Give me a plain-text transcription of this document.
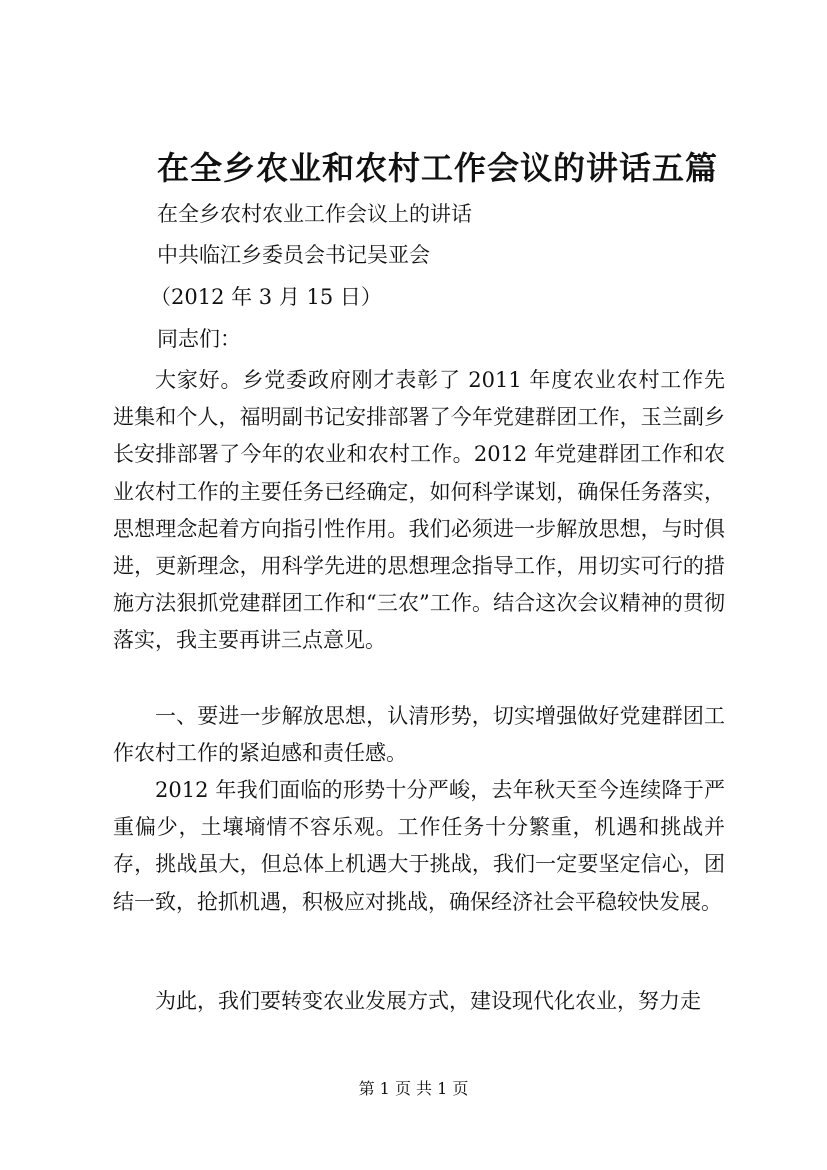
在全乡农业和农村工作会议的讲话五篇
在全乡农村农业工作会议上的讲话
中共临江乡委员会书记吴亚会
（2012 年 3 月 15 日）
同志们：

大家好。乡党委政府刚才表彰了 2011 年度农业农村工作先进集和个人，福明副书记安排部署了今年党建群团工作，玉兰副乡长安排部署了今年的农业和农村工作。2012 年党建群团工作和农业农村工作的主要任务已经确定，如何科学谋划，确保任务落实，思想理念起着方向指引性作用。我们必须进一步解放思想，与时俱进，更新理念，用科学先进的思想理念指导工作，用切实可行的措施方法狠抓党建群团工作和“三农”工作。结合这次会议精神的贯彻落实，我主要再讲三点意见。

一、要进一步解放思想，认清形势，切实增强做好党建群团工作农村工作的紧迫感和责任感。

2012 年我们面临的形势十分严峻，去年秋天至今连续降于严重偏少，土壤墒情不容乐观。工作任务十分繁重，机遇和挑战并存，挑战虽大，但总体上机遇大于挑战，我们一定要坚定信心，团结一致，抢抓机遇，积极应对挑战，确保经济社会平稳较快发展。

为此，我们要转变农业发展方式，建设现代化农业，努力走

第 1 页 共 1 页
